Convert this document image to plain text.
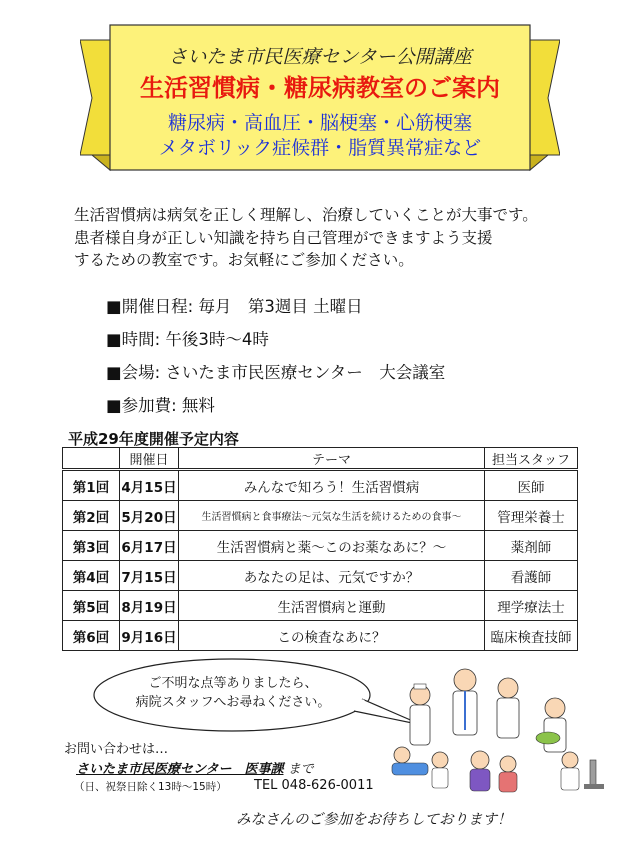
さいたま市民医療センター公開講座
生活習慣病・糖尿病教室のご案内
糖尿病・高血圧・脳梗塞・心筋梗塞
メタボリック症候群・脂質異常症など
生活習慣病は病気を正しく理解し、治療していくことが大事です。
患者様自身が正しい知識を持ち自己管理ができますよう支援
するための教室です。お気軽にご参加ください。
■開催日程: 毎月　第3週目 土曜日
■時間: 午後3時～4時
■会場: さいたま市民医療センター　大会議室
■参加費: 無料
平成29年度開催予定内容
	開催日	テーマ	担当スタッフ
第1回	4月15日	みんなで知ろう！生活習慣病	医師
第2回	5月20日	生活習慣病と食事療法～元気な生活を続けるための食事～	管理栄養士
第3回	6月17日	生活習慣病と薬～このお薬なあに？～	薬剤師
第4回	7月15日	あなたの足は、元気ですか？	看護師
第5回	8月19日	生活習慣病と運動	理学療法士
第6回	9月16日	この検査なあに？	臨床検査技師
ご不明な点等ありましたら、
病院スタッフへお尋ねください。
お問い合わせは…
さいたま市民医療センター　医事課 まで
（日、祝祭日除く13時～15時） TEL 048-626-0011
みなさんのご参加をお待ちしております！
